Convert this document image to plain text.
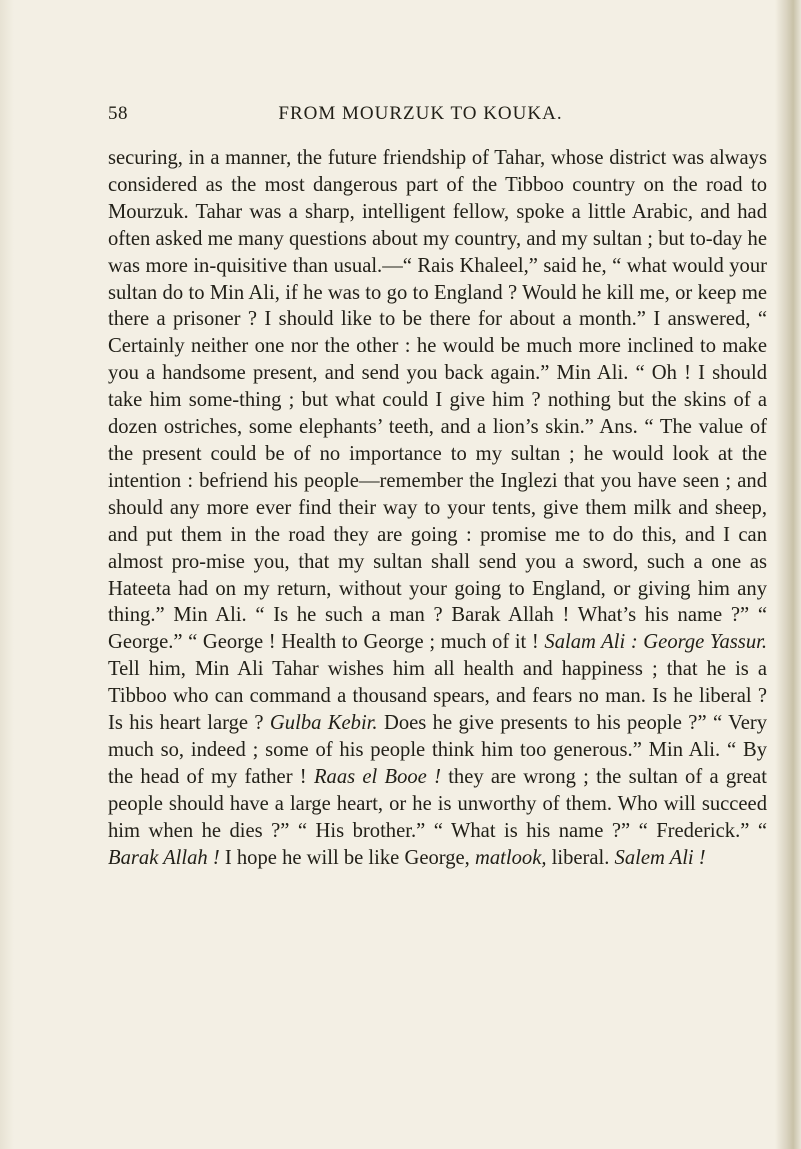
58	FROM MOURZUK TO KOUKA.

securing, in a manner, the future friendship of Tahar, whose district was always considered as the most dangerous part of the Tibboo country on the road to Mourzuk. Tahar was a sharp, intelligent fellow, spoke a little Arabic, and had often asked me many questions about my country, and my sultan ; but to-day he was more in-quisitive than usual.—“ Rais Khaleel,” said he, “ what would your sultan do to Min Ali, if he was to go to England ? Would he kill me, or keep me there a prisoner ? I should like to be there for about a month.” I answered, “ Certainly neither one nor the other : he would be much more inclined to make you a handsome present, and send you back again.” Min Ali. “ Oh ! I should take him some-thing ; but what could I give him ? nothing but the skins of a dozen ostriches, some elephants’ teeth, and a lion’s skin.” Ans. “ The value of the present could be of no importance to my sultan ; he would look at the intention : befriend his people—remember the Inglezi that you have seen ; and should any more ever find their way to your tents, give them milk and sheep, and put them in the road they are going : promise me to do this, and I can almost pro-mise you, that my sultan shall send you a sword, such a one as Hateeta had on my return, without your going to England, or giving him any thing.” Min Ali. “ Is he such a man ? Barak Allah ! What’s his name ?” “ George.” “ George ! Health to George ; much of it ! Salam Ali : George Yassur. Tell him, Min Ali Tahar wishes him all health and happiness ; that he is a Tibboo who can command a thousand spears, and fears no man. Is he liberal ? Is his heart large ? Gulba Kebir. Does he give presents to his people ?” “ Very much so, indeed ; some of his people think him too generous.” Min Ali. “ By the head of my father ! Raas el Booe ! they are wrong ; the sultan of a great people should have a large heart, or he is unworthy of them. Who will succeed him when he dies ?” “ His brother.” “ What is his name ?” “ Frederick.” “ Barak Allah ! I hope he will be like George, matlook, liberal. Salem Ali !
